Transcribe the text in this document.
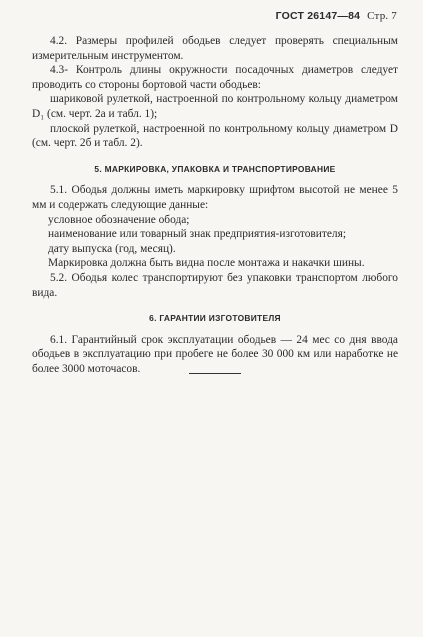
ГОСТ 26147—84 Стр. 7

4.2. Размеры профилей ободьев следует проверять специальным измерительным инструментом.

4.3- Контроль длины окружности посадочных диаметров следует проводить со стороны бортовой части ободьев:

шариковой рулеткой, настроенной по контрольному кольцу диаметром D₁ (см. черт. 2а и табл. 1);

плоской рулеткой, настроенной по контрольному кольцу диаметром D (см. черт. 2б и табл. 2).

5. МАРКИРОВКА, УПАКОВКА И ТРАНСПОРТИРОВАНИЕ

5.1. Ободья должны иметь маркировку шрифтом высотой не менее 5 мм и содержать следующие данные:

условное обозначение обода;

наименование или товарный знак предприятия-изготовителя;

дату выпуска (год, месяц).

Маркировка должна быть видна после монтажа и накачки шины.

5.2. Ободья колес транспортируют без упаковки транспортом любого вида.

6. ГАРАНТИИ ИЗГОТОВИТЕЛЯ

6.1. Гарантийный срок эксплуатации ободьев — 24 мес со дня ввода ободьев в эксплуатацию при пробеге не более 30 000 км или наработке не более 3000 моточасов.
